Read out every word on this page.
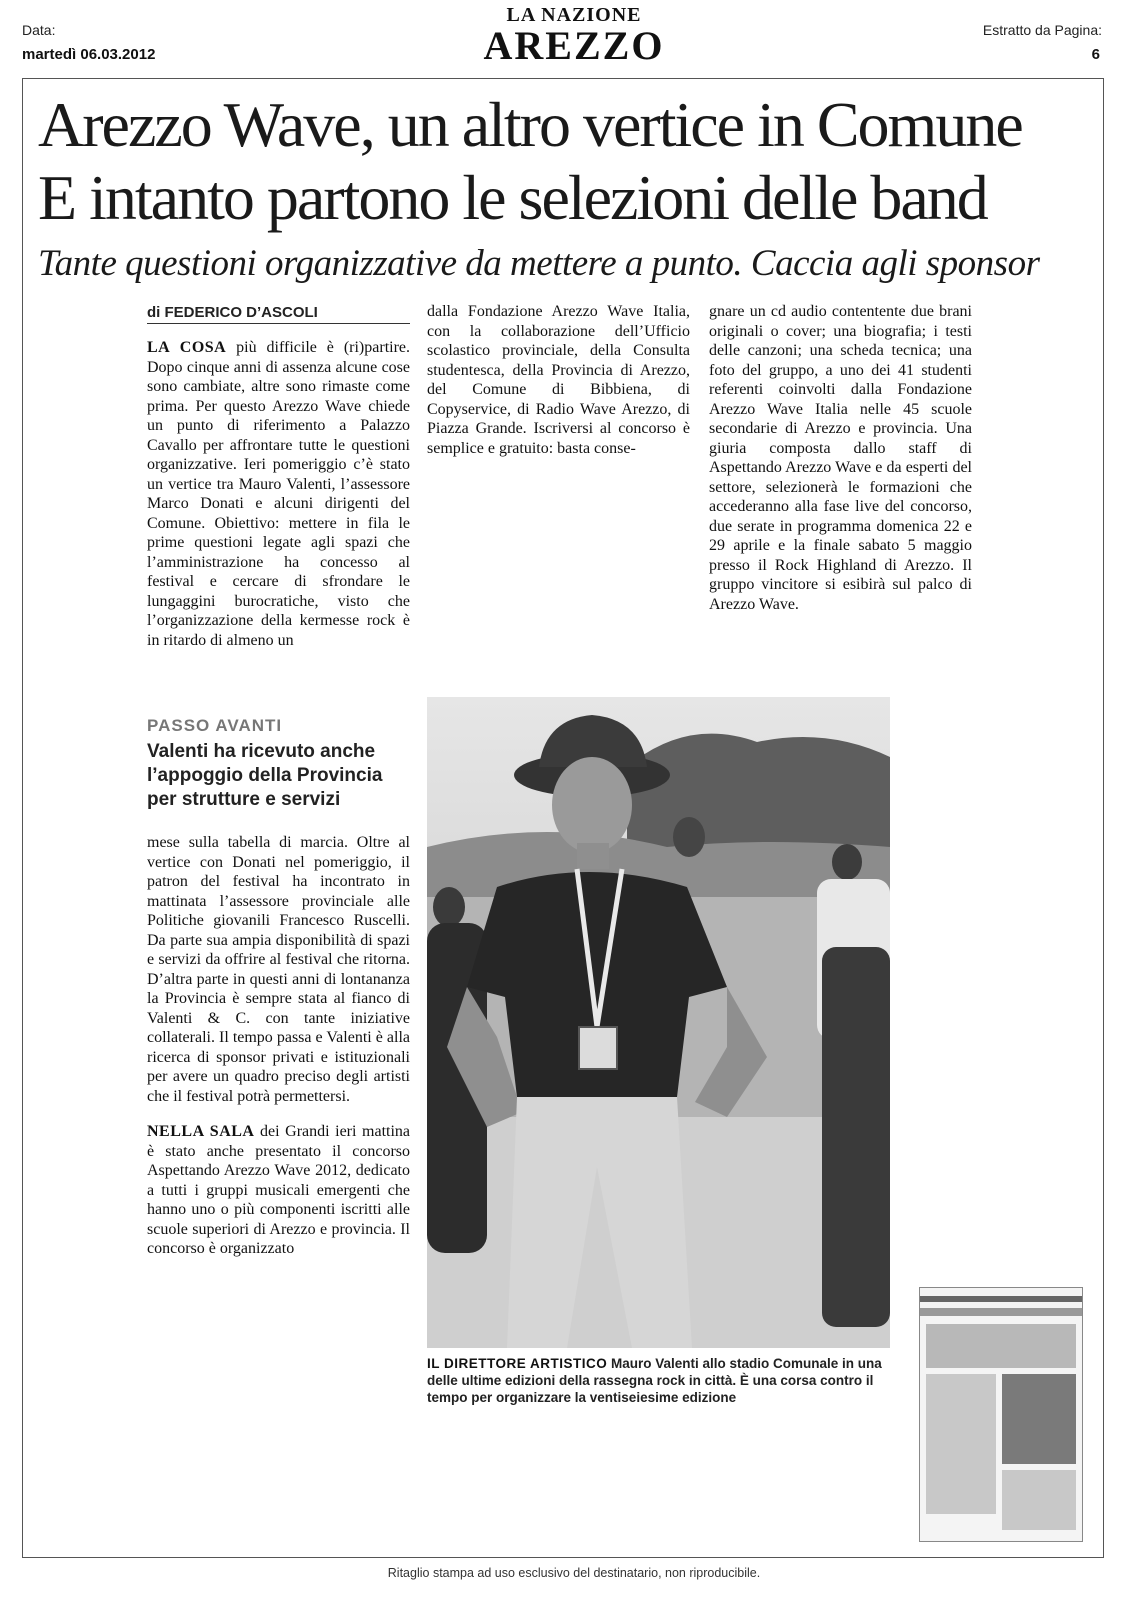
Data:
martedì 06.03.2012
LA NAZIONE
AREZZO	Estratto da Pagina:
6
Arezzo Wave, un altro vertice in Comune
E intanto partono le selezioni delle band
Tante questioni organizzative da mettere a punto. Caccia agli sponsor
di FEDERICO D’ASCOLI

LA COSA più difficile è (ri)partire. Dopo cinque anni di assenza alcune cose sono cambiate, altre sono rimaste come prima. Per questo Arezzo Wave chiede un punto di riferimento a Palazzo Cavallo per affrontare tutte le questioni organizzative. Ieri pomeriggio c’è stato un vertice tra Mauro Valenti, l’assessore Marco Donati e alcuni dirigenti del Comune. Obiettivo: mettere in fila le prime questioni legate agli spazi che l’amministrazione ha concesso al festival e cercare di sfrondare le lungaggini burocratiche, visto che l’organizzazione della kermesse rock è in ritardo di almeno un

PASSO AVANTI
Valenti ha ricevuto anche l’appoggio della Provincia per strutture e servizi

mese sulla tabella di marcia. Oltre al vertice con Donati nel pomeriggio, il patron del festival ha incontrato in mattinata l’assessore provinciale alle Politiche giovanili Francesco Ruscelli. Da parte sua ampia disponibilità di spazi e servizi da offrire al festival che ritorna. D’altra parte in questi anni di lontananza la Provincia è sempre stata al fianco di Valenti & C. con tante iniziative collaterali. Il tempo passa e Valenti è alla ricerca di sponsor privati e istituzionali per avere un quadro preciso degli artisti che il festival potrà permettersi.

NELLA SALA dei Grandi ieri mattina è stato anche presentato il concorso Aspettando Arezzo Wave 2012, dedicato a tutti i gruppi musicali emergenti che hanno uno o più componenti iscritti alle scuole superiori di Arezzo e provincia. Il concorso è organizzato

dalla Fondazione Arezzo Wave Italia, con la collaborazione dell’Ufficio scolastico provinciale, della Consulta studentesca, della Provincia di Arezzo, del Comune di Bibbiena, di Copyservice, di Radio Wave Arezzo, di Piazza Grande. Iscriversi al concorso è semplice e gratuito: basta conse-

gnare un cd audio contentente due brani originali o cover; una biografia; i testi delle canzoni; una scheda tecnica; una foto del gruppo, a uno dei 41 studenti referenti coinvolti dalla Fondazione Arezzo Wave Italia nelle 45 scuole secondarie di Arezzo e provincia. Una giuria composta dallo staff di Aspettando Arezzo Wave e da esperti del settore, selezionerà le formazioni che accederanno alla fase live del concorso, due serate in programma domenica 22 e 29 aprile e la finale sabato 5 maggio presso il Rock Highland di Arezzo. Il gruppo vincitore si esibirà sul palco di Arezzo Wave.

IL DIRETTORE ARTISTICO Mauro Valenti allo stadio Comunale in una delle ultime edizioni della rassegna rock in città. È una corsa contro il tempo per organizzare la ventiseiesime edizione
Ritaglio stampa ad uso esclusivo del destinatario, non riproducibile.
